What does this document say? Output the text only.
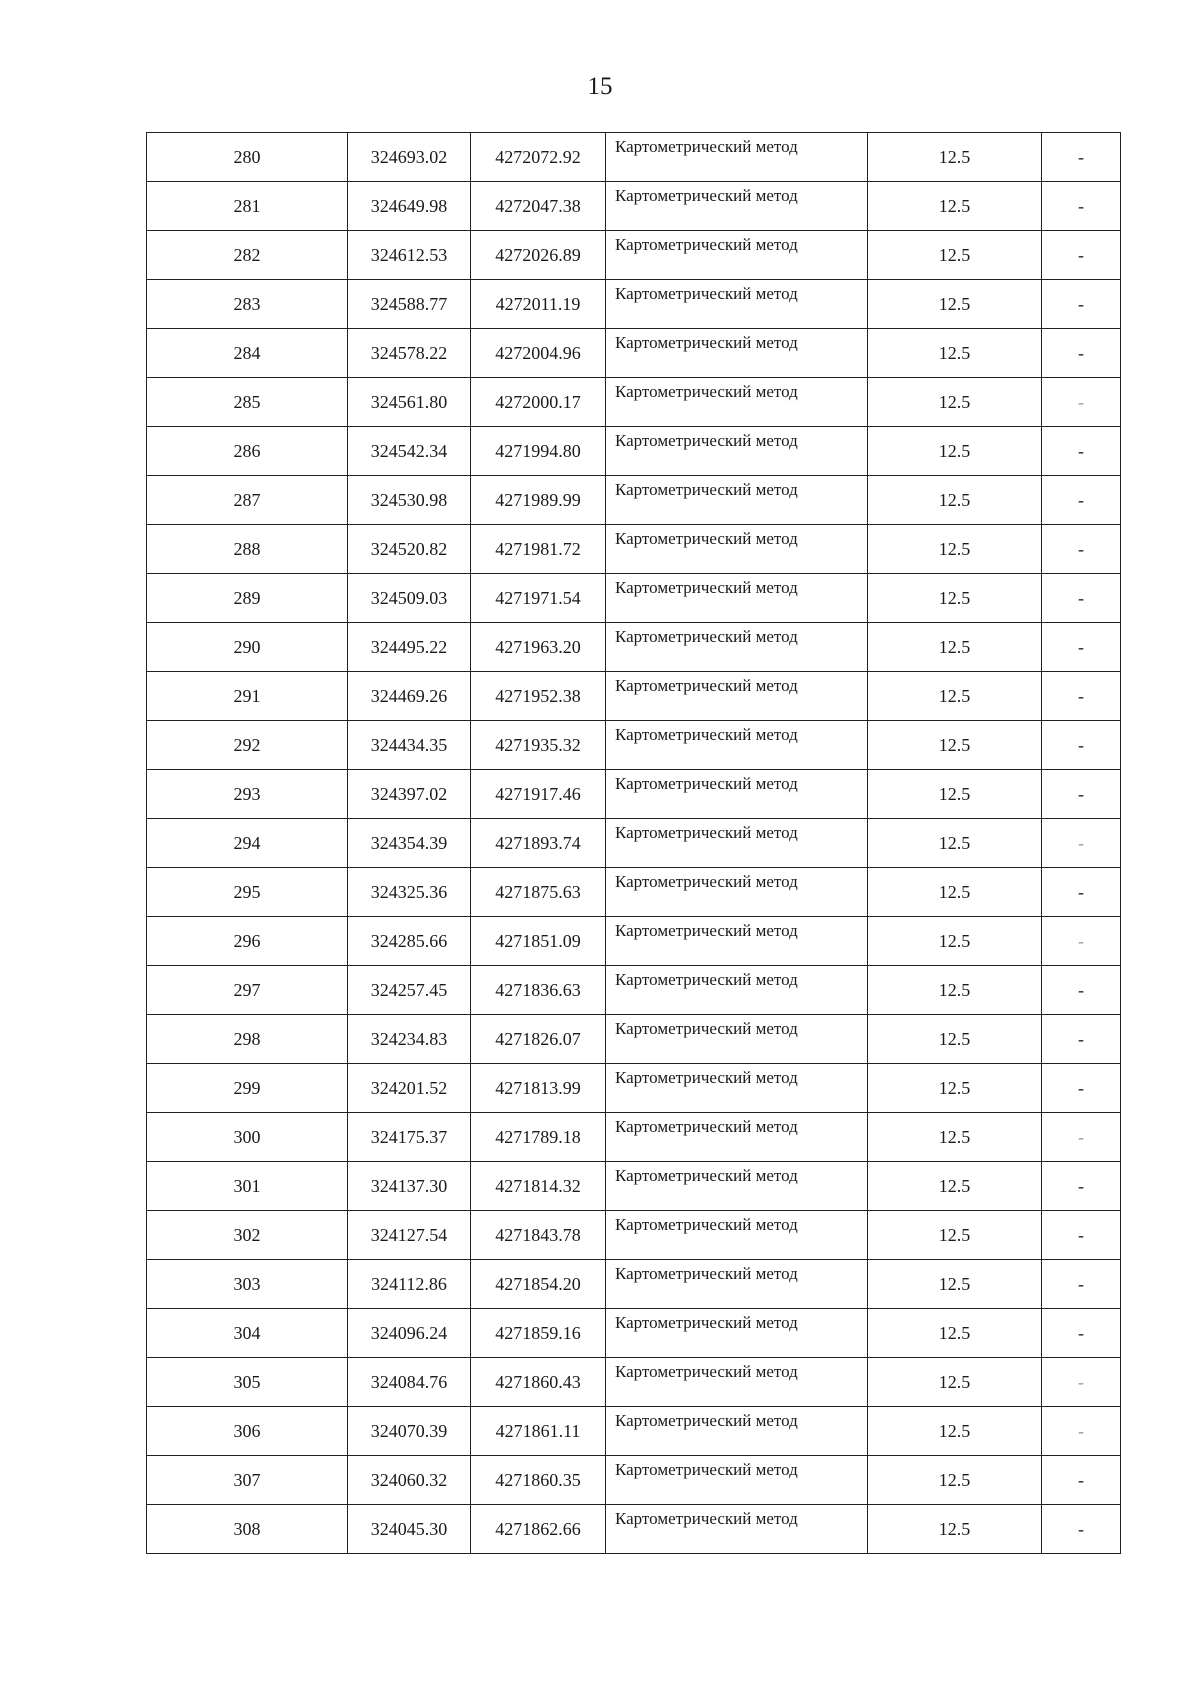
15
280	324693.02	4272072.92	Картометрический метод	12.5	-
281	324649.98	4272047.38	Картометрический метод	12.5	-
282	324612.53	4272026.89	Картометрический метод	12.5	-
283	324588.77	4272011.19	Картометрический метод	12.5	-
284	324578.22	4272004.96	Картометрический метод	12.5	-
285	324561.80	4272000.17	Картометрический метод	12.5	-
286	324542.34	4271994.80	Картометрический метод	12.5	-
287	324530.98	4271989.99	Картометрический метод	12.5	-
288	324520.82	4271981.72	Картометрический метод	12.5	-
289	324509.03	4271971.54	Картометрический метод	12.5	-
290	324495.22	4271963.20	Картометрический метод	12.5	-
291	324469.26	4271952.38	Картометрический метод	12.5	-
292	324434.35	4271935.32	Картометрический метод	12.5	-
293	324397.02	4271917.46	Картометрический метод	12.5	-
294	324354.39	4271893.74	Картометрический метод	12.5	-
295	324325.36	4271875.63	Картометрический метод	12.5	-
296	324285.66	4271851.09	Картометрический метод	12.5	-
297	324257.45	4271836.63	Картометрический метод	12.5	-
298	324234.83	4271826.07	Картометрический метод	12.5	-
299	324201.52	4271813.99	Картометрический метод	12.5	-
300	324175.37	4271789.18	Картометрический метод	12.5	-
301	324137.30	4271814.32	Картометрический метод	12.5	-
302	324127.54	4271843.78	Картометрический метод	12.5	-
303	324112.86	4271854.20	Картометрический метод	12.5	-
304	324096.24	4271859.16	Картометрический метод	12.5	-
305	324084.76	4271860.43	Картометрический метод	12.5	-
306	324070.39	4271861.11	Картометрический метод	12.5	-
307	324060.32	4271860.35	Картометрический метод	12.5	-
308	324045.30	4271862.66	Картометрический метод	12.5	-
